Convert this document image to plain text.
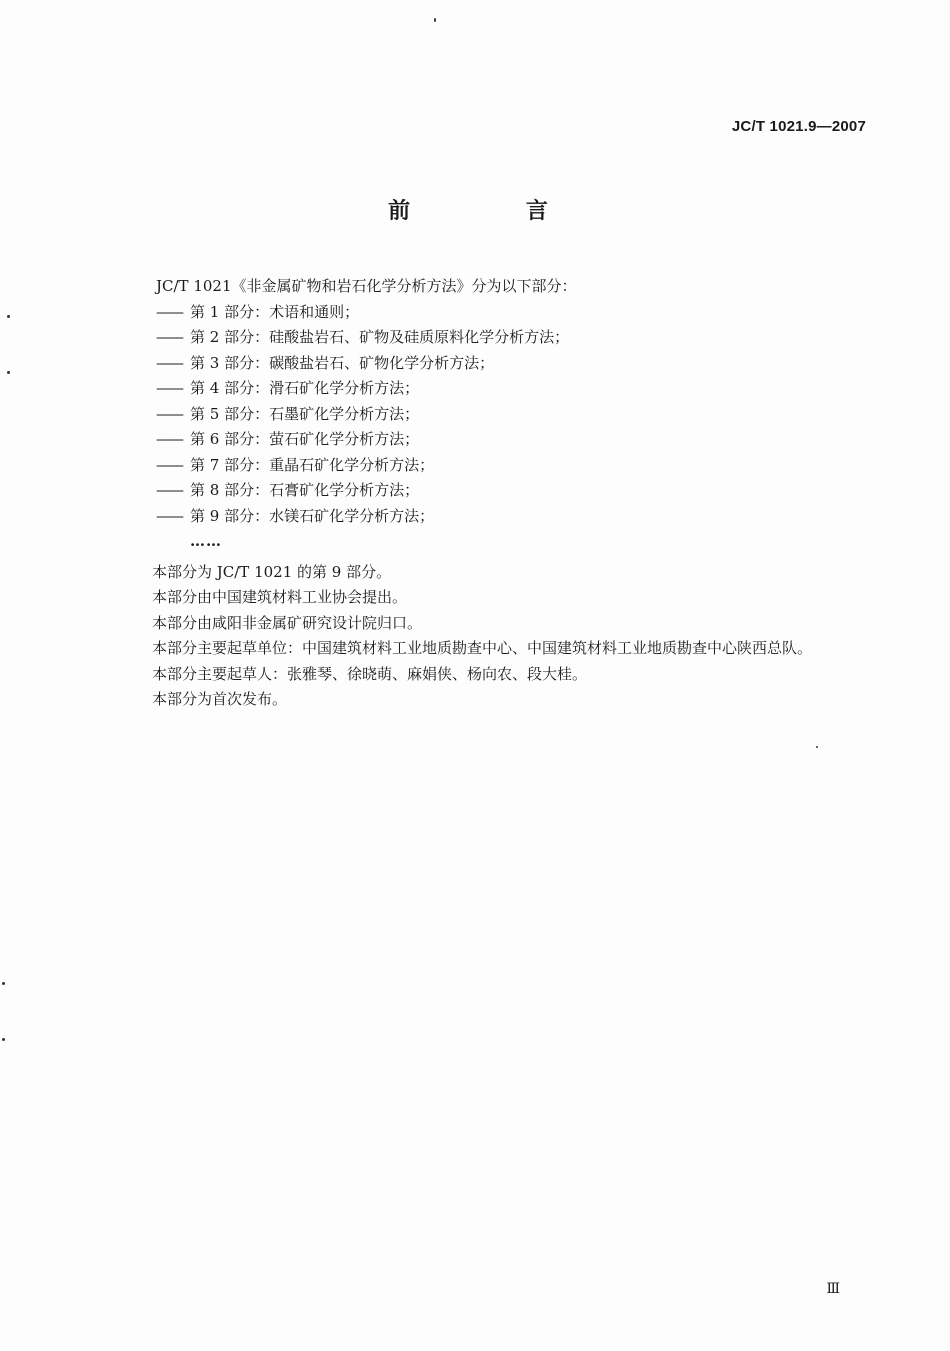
JC/T 1021.9—2007
前 言
JC/T 1021《非金属矿物和岩石化学分析方法》分为以下部分：
—— 第 1 部分：术语和通则；
—— 第 2 部分：硅酸盐岩石、矿物及硅质原料化学分析方法；
—— 第 3 部分：碳酸盐岩石、矿物化学分析方法；
—— 第 4 部分：滑石矿化学分析方法；
—— 第 5 部分：石墨矿化学分析方法；
—— 第 6 部分：萤石矿化学分析方法；
—— 第 7 部分：重晶石矿化学分析方法；
—— 第 8 部分：石膏矿化学分析方法；
—— 第 9 部分：水镁石矿化学分析方法；
……
本部分为 JC/T 1021 的第 9 部分。
本部分由中国建筑材料工业协会提出。
本部分由咸阳非金属矿研究设计院归口。
本部分主要起草单位：中国建筑材料工业地质勘查中心、中国建筑材料工业地质勘查中心陕西总队。
本部分主要起草人：张雅琴、徐晓萌、麻娟侠、杨向农、段大桂。
本部分为首次发布。
Ⅲ
